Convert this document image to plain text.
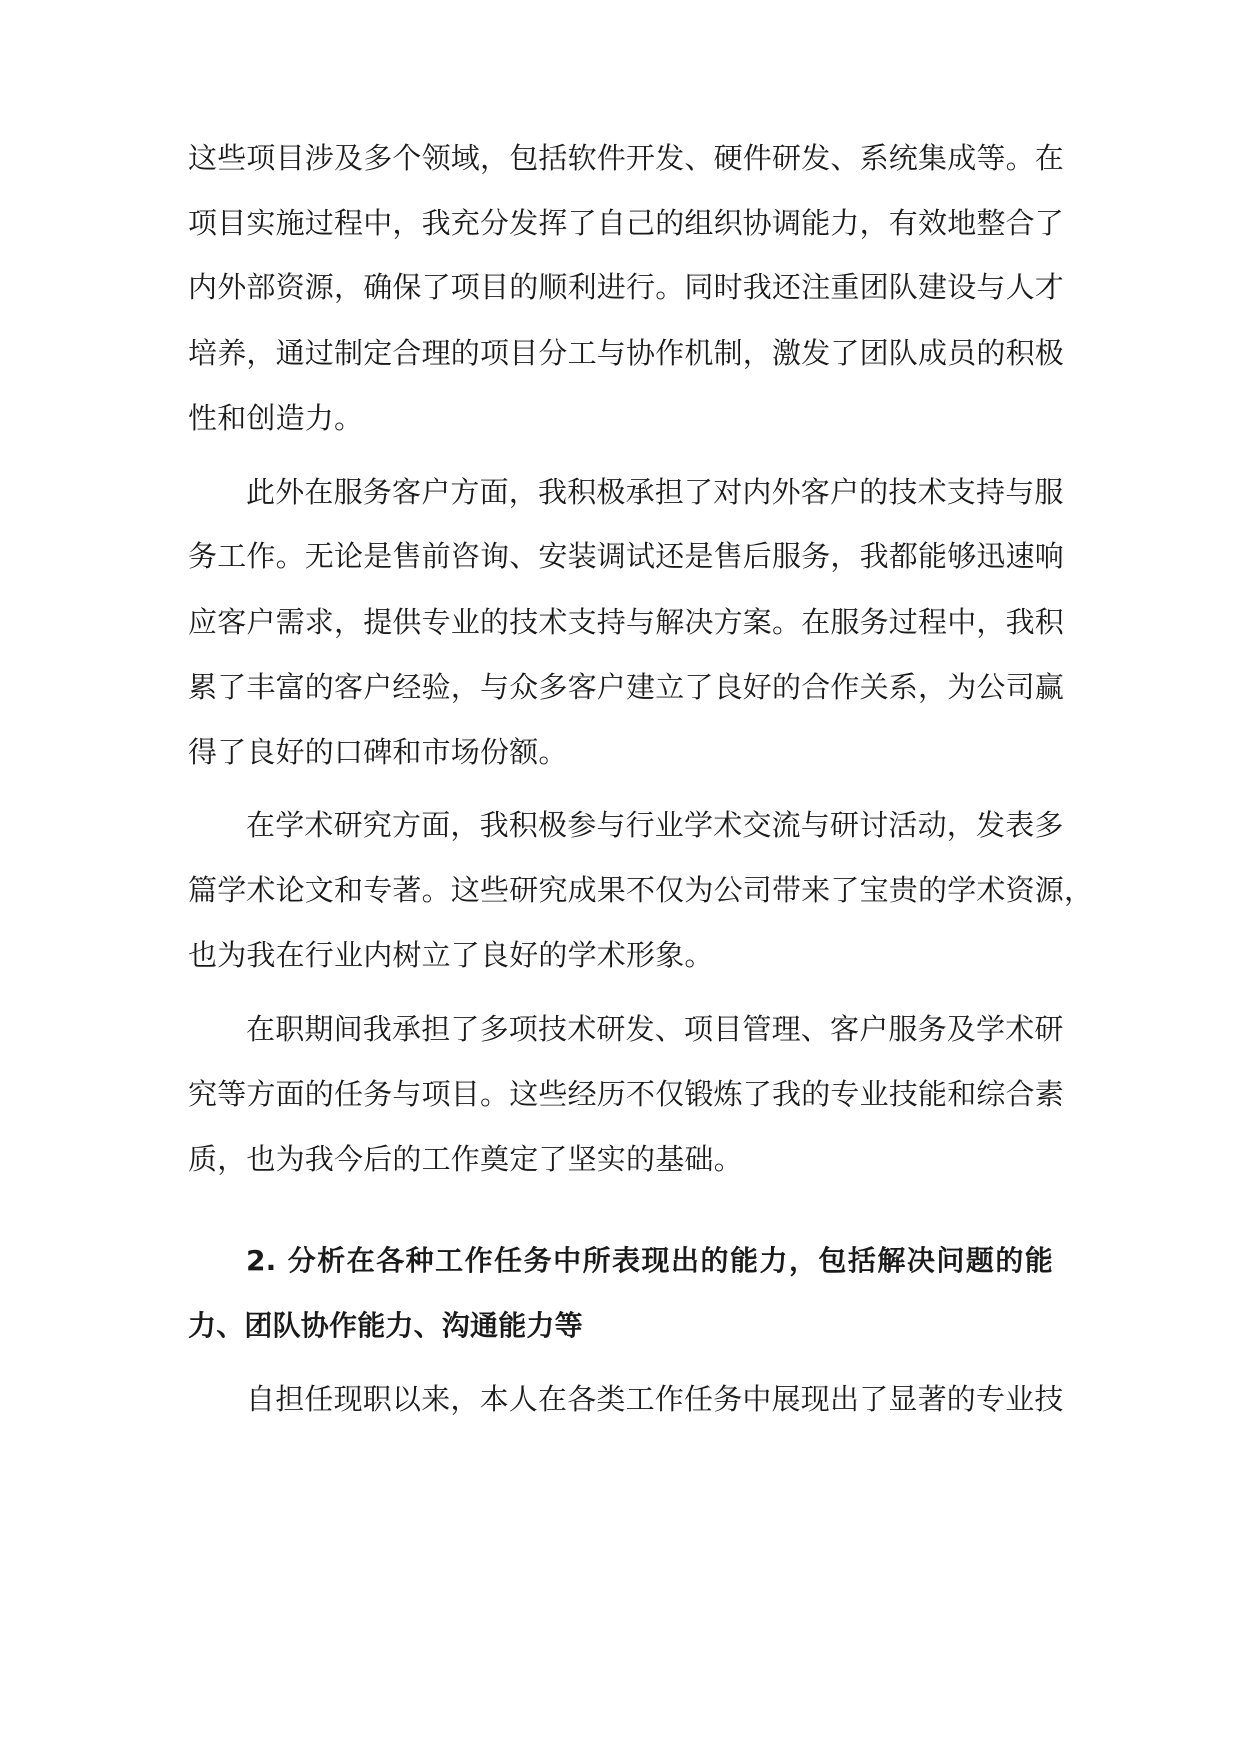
这些项目涉及多个领域，包括软件开发、硬件研发、系统集成等。在
项目实施过程中，我充分发挥了自己的组织协调能力，有效地整合了
内外部资源，确保了项目的顺利进行。同时我还注重团队建设与人才
培养，通过制定合理的项目分工与协作机制，激发了团队成员的积极
性和创造力。
此外在服务客户方面，我积极承担了对内外客户的技术支持与服
务工作。无论是售前咨询、安装调试还是售后服务，我都能够迅速响
应客户需求，提供专业的技术支持与解决方案。在服务过程中，我积
累了丰富的客户经验，与众多客户建立了良好的合作关系，为公司赢
得了良好的口碑和市场份额。
在学术研究方面，我积极参与行业学术交流与研讨活动，发表多
篇学术论文和专著。这些研究成果不仅为公司带来了宝贵的学术资源，
也为我在行业内树立了良好的学术形象。
在职期间我承担了多项技术研发、项目管理、客户服务及学术研
究等方面的任务与项目。这些经历不仅锻炼了我的专业技能和综合素
质，也为我今后的工作奠定了坚实的基础。
2. 分析在各种工作任务中所表现出的能力，包括解决问题的能
力、团队协作能力、沟通能力等
自担任现职以来，本人在各类工作任务中展现出了显著的专业技
